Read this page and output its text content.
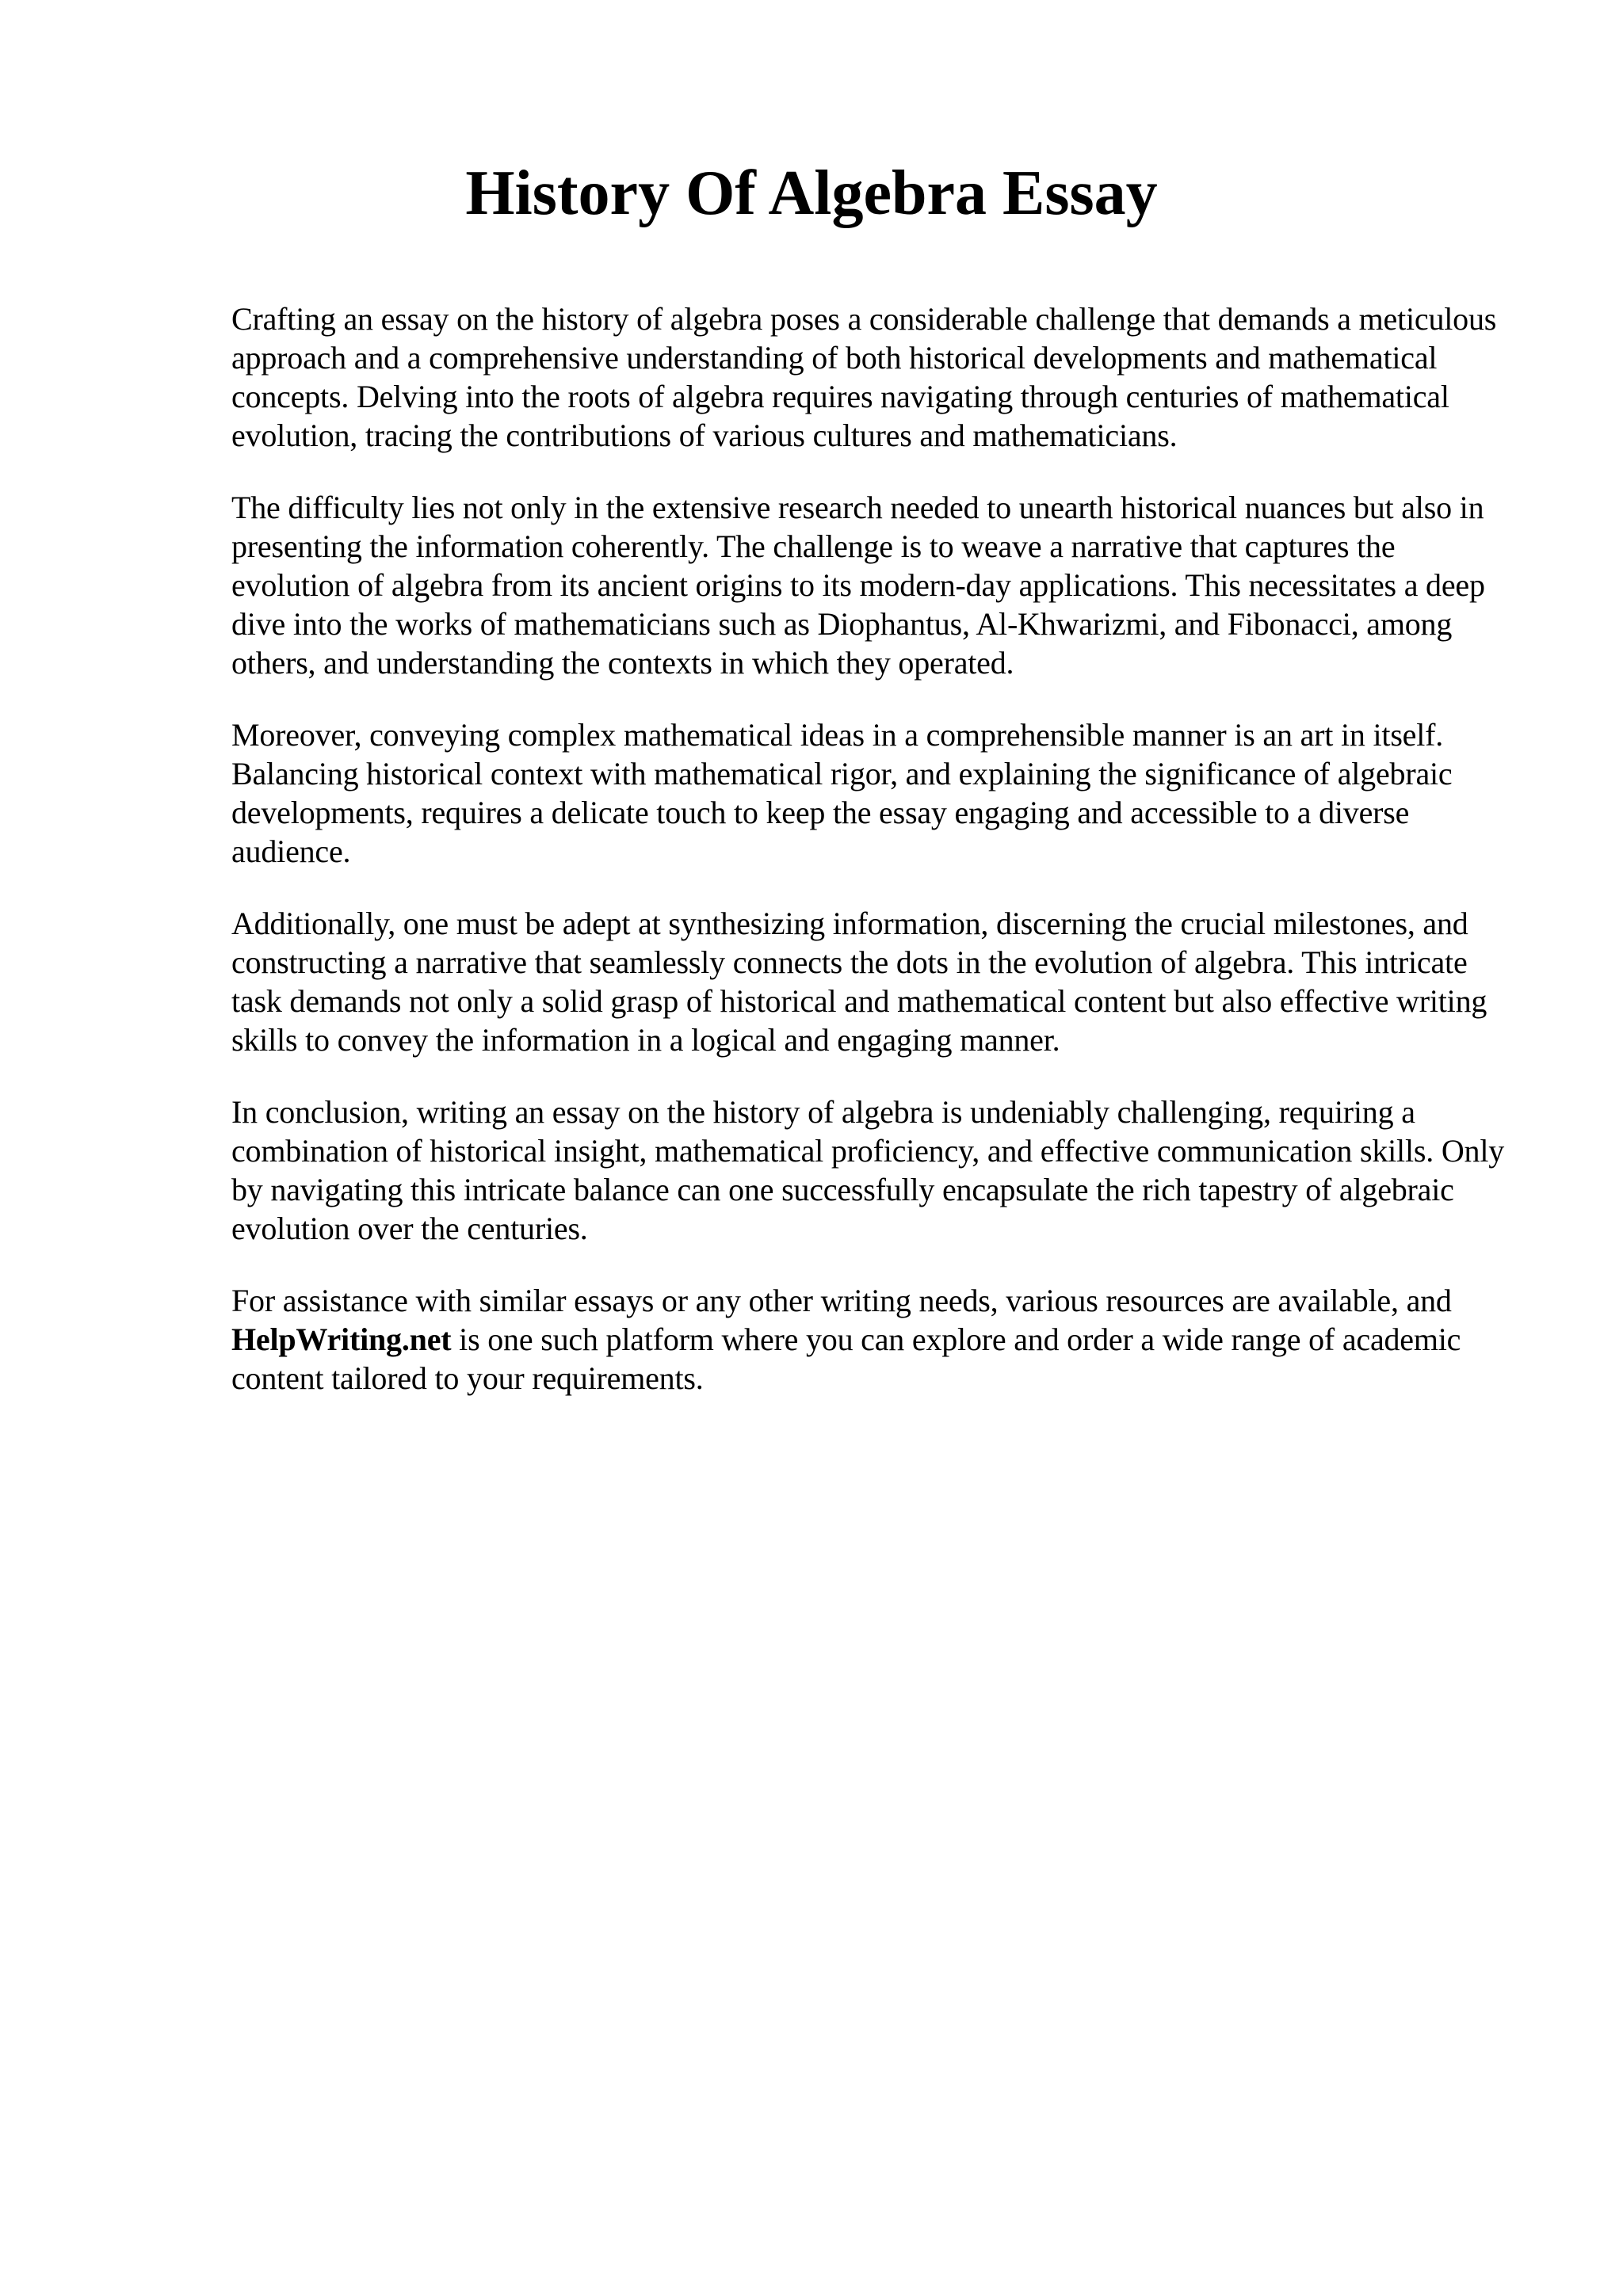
History Of Algebra Essay

Crafting an essay on the history of algebra poses a considerable challenge that demands a meticulous approach and a comprehensive understanding of both historical developments and mathematical concepts. Delving into the roots of algebra requires navigating through centuries of mathematical evolution, tracing the contributions of various cultures and mathematicians.

The difficulty lies not only in the extensive research needed to unearth historical nuances but also in presenting the information coherently. The challenge is to weave a narrative that captures the evolution of algebra from its ancient origins to its modern-day applications. This necessitates a deep dive into the works of mathematicians such as Diophantus, Al-Khwarizmi, and Fibonacci, among others, and understanding the contexts in which they operated.

Moreover, conveying complex mathematical ideas in a comprehensible manner is an art in itself. Balancing historical context with mathematical rigor, and explaining the significance of algebraic developments, requires a delicate touch to keep the essay engaging and accessible to a diverse audience.

Additionally, one must be adept at synthesizing information, discerning the crucial milestones, and constructing a narrative that seamlessly connects the dots in the evolution of algebra. This intricate task demands not only a solid grasp of historical and mathematical content but also effective writing skills to convey the information in a logical and engaging manner.

In conclusion, writing an essay on the history of algebra is undeniably challenging, requiring a combination of historical insight, mathematical proficiency, and effective communication skills. Only by navigating this intricate balance can one successfully encapsulate the rich tapestry of algebraic evolution over the centuries.

For assistance with similar essays or any other writing needs, various resources are available, and HelpWriting.net is one such platform where you can explore and order a wide range of academic content tailored to your requirements.
